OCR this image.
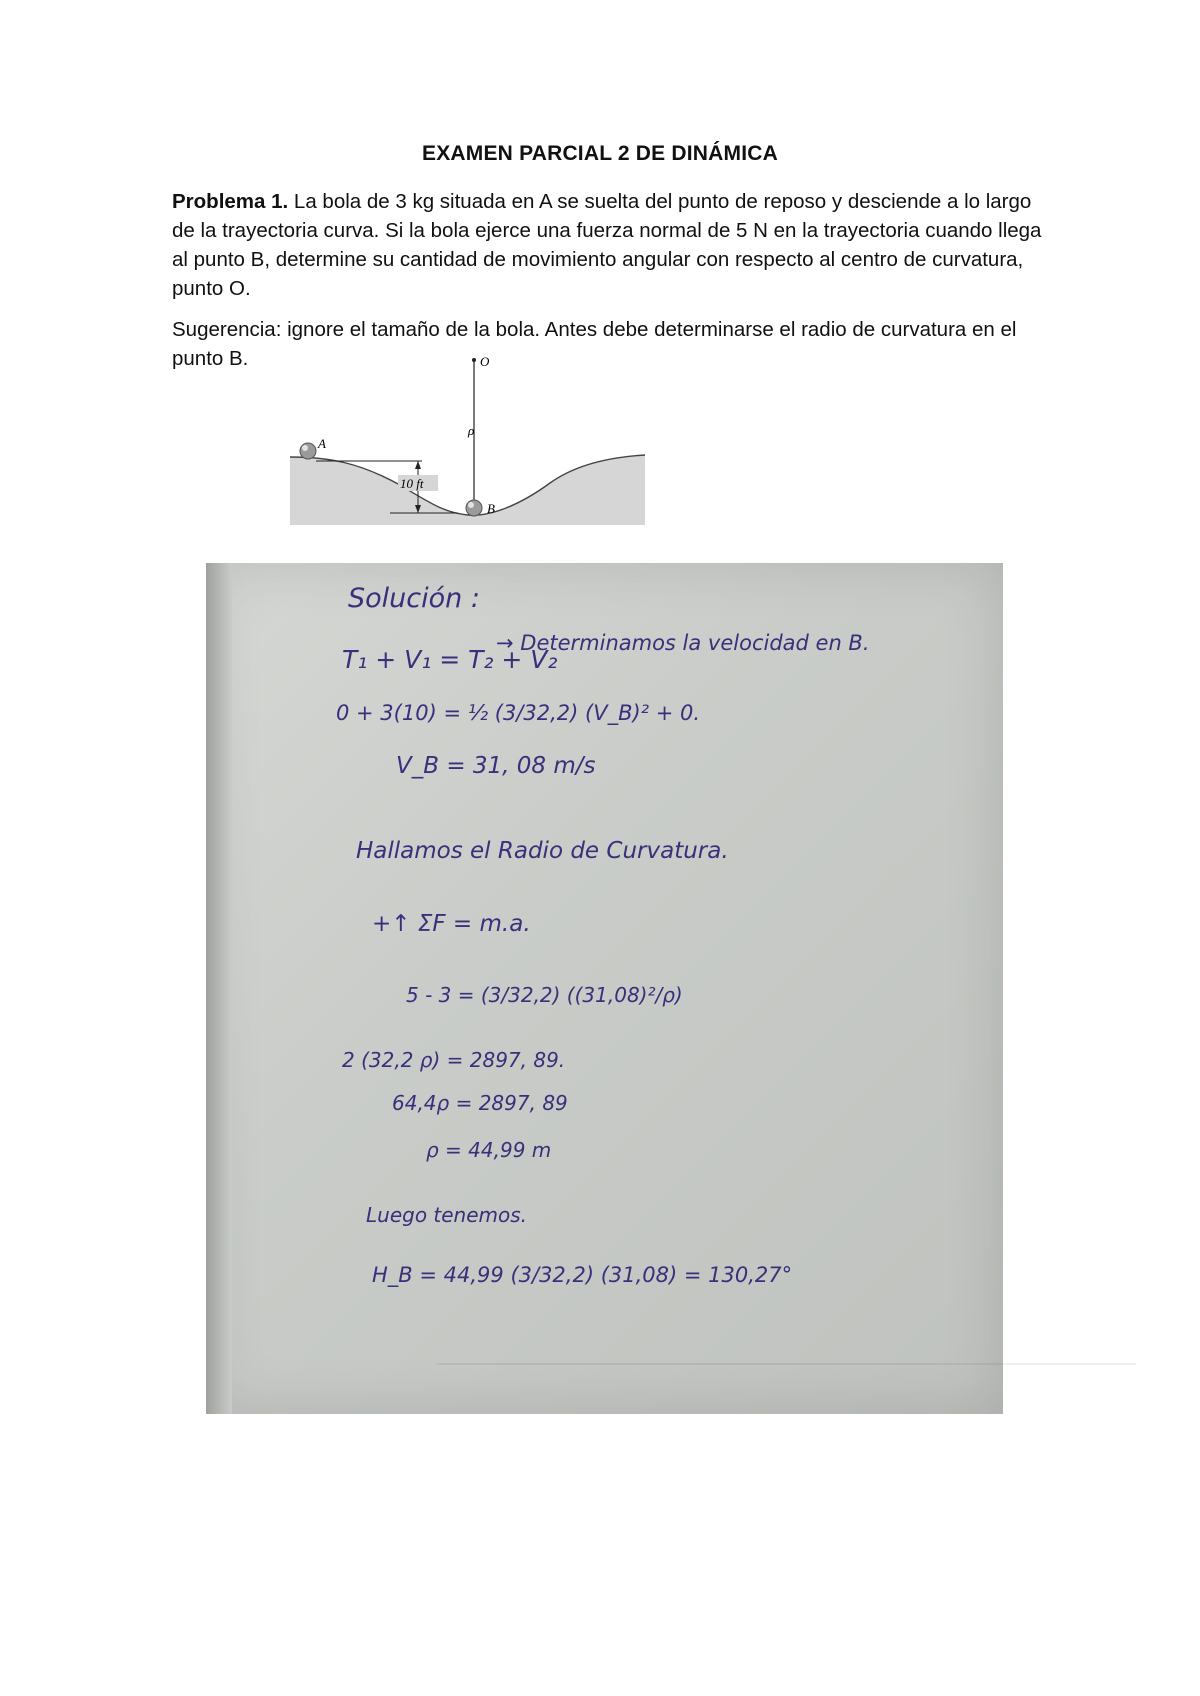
EXAMEN PARCIAL 2 DE DINÁMICA

Problema 1. La bola de 3 kg situada en A se suelta del punto de reposo y desciende a lo largo de la trayectoria curva. Si la bola ejerce una fuerza normal de 5 N en la trayectoria cuando llega al punto B, determine su cantidad de movimiento angular con respecto al centro de curvatura, punto O.

Sugerencia: ignore el tamaño de la bola. Antes debe determinarse el radio de curvatura en el punto B.	O
ρ
A
B
10 ft

Solución :

→ Determinamos la velocidad en B.

T₁ + V₁ = T₂ + V₂

0 + 3(10) = ½ (3/32,2) (V_B)² + 0.

V_B = 31, 08 m/s

Hallamos el Radio de Curvatura.

+↑ ΣF = m.a.

5 - 3 = (3/32,2) ((31,08)²/ρ)

2 (32,2 ρ) = 2897, 89.

64,4ρ = 2897, 89

ρ = 44,99 m

Luego tenemos.

H_B = 44,99 (3/32,2) (31,08) = 130,27°
